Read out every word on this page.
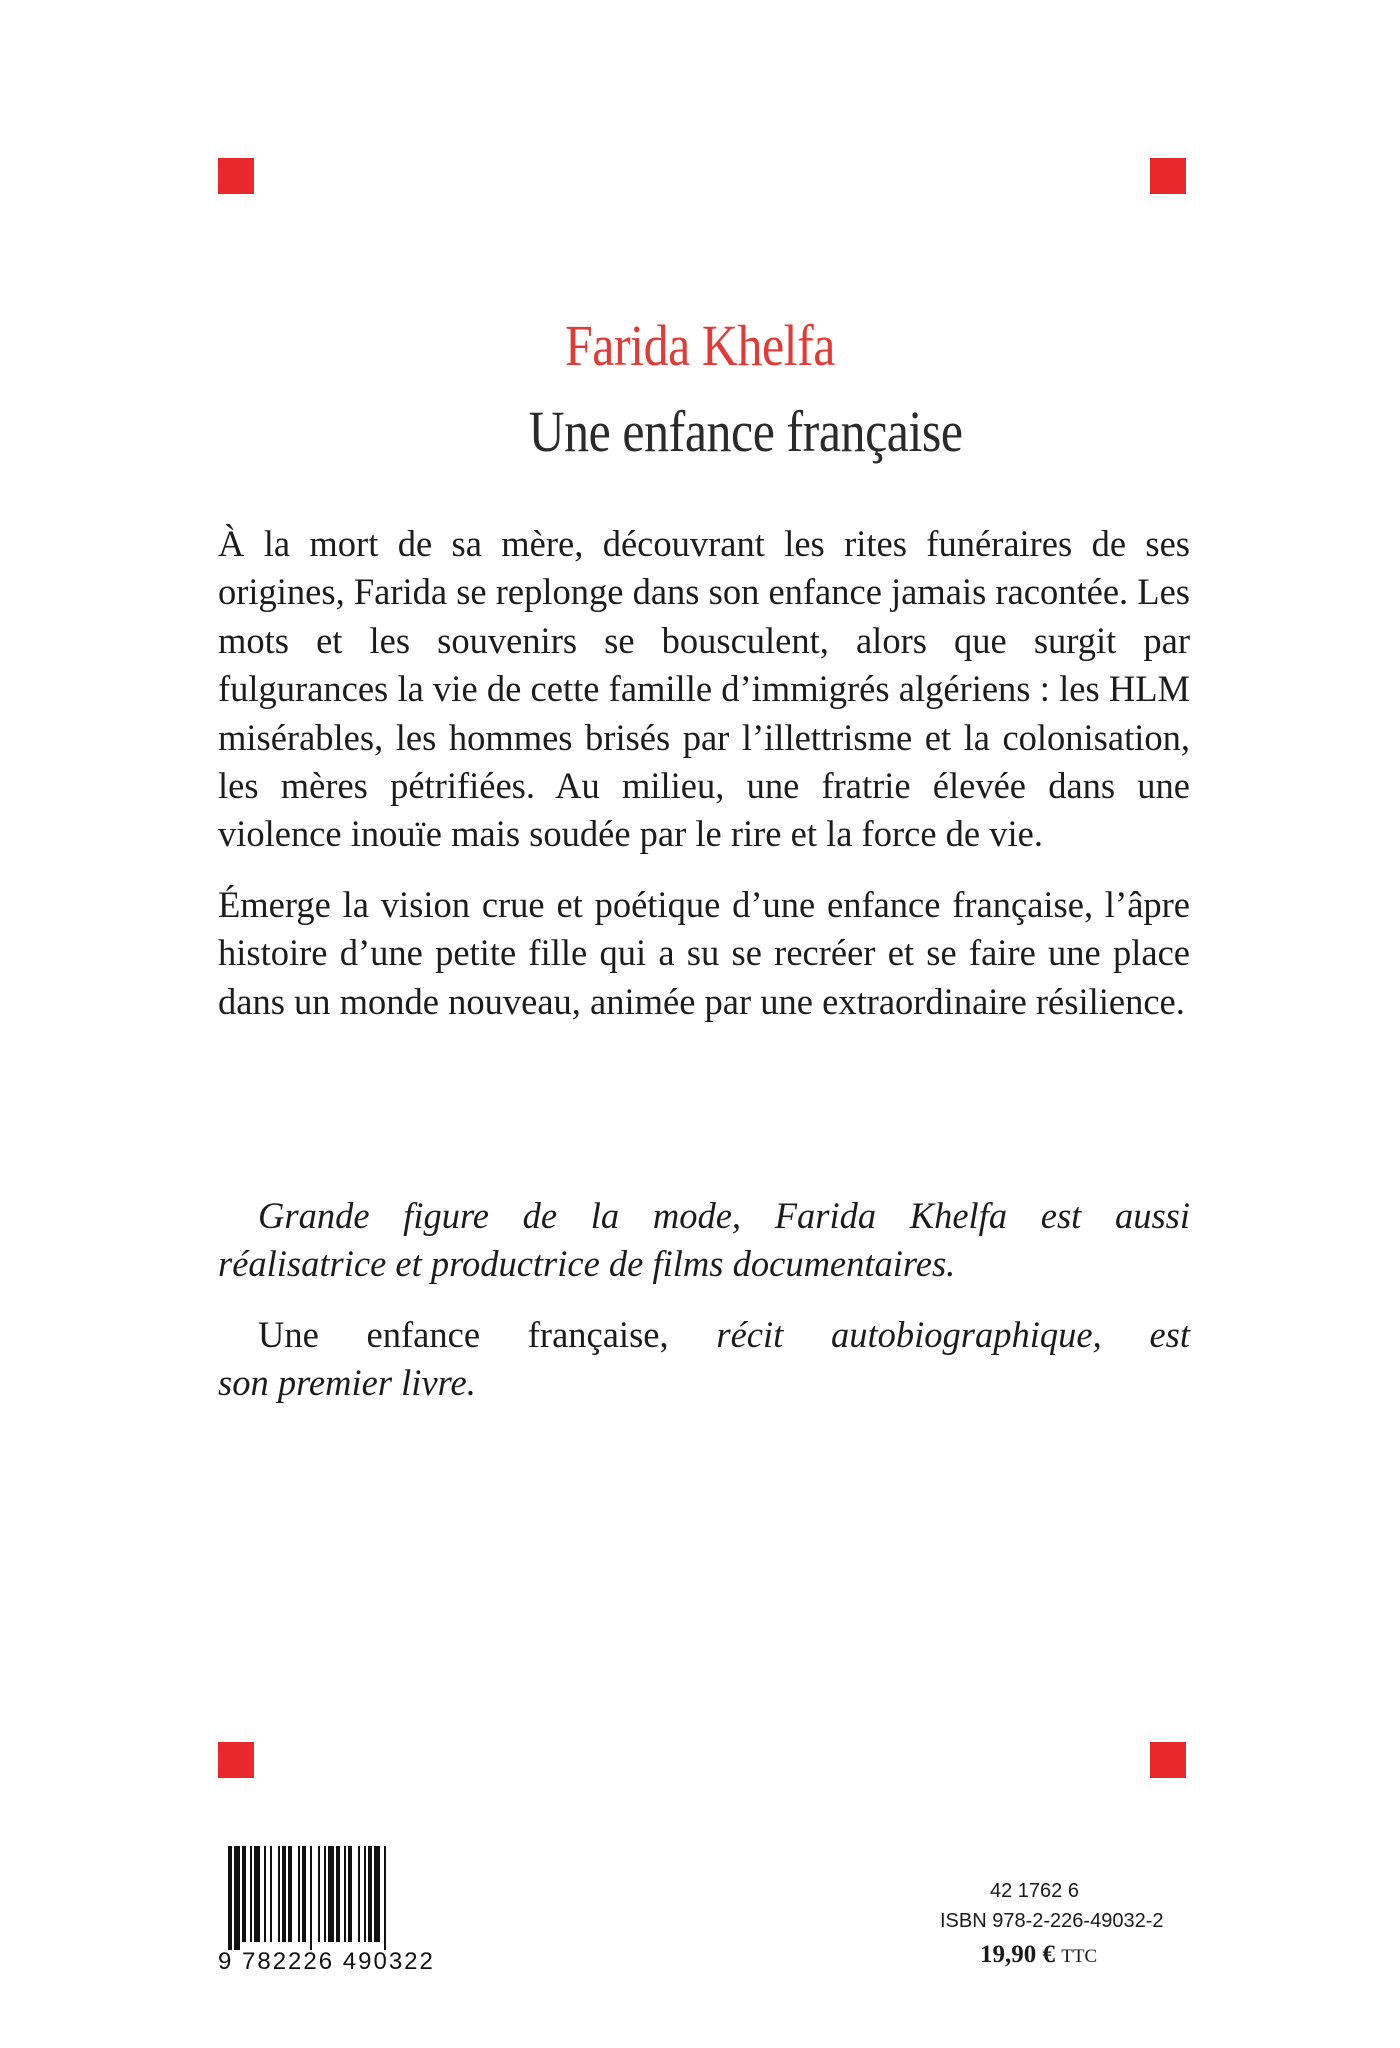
Farida Khelfa
Une enfance française

À la mort de sa mère, découvrant les rites funéraires de ses origines, Farida se replonge dans son enfance jamais racontée. Les mots et les souvenirs se bousculent, alors que surgit par fulgurances la vie de cette famille d’immigrés algériens : les HLM misérables, les hommes brisés par l’illettrisme et la colonisation, les mères pétrifiées. Au milieu, une fratrie élevée dans une violence inouïe mais soudée par le rire et la force de vie.

Émerge la vision crue et poétique d’une enfance française, l’âpre histoire d’une petite fille qui a su se recréer et se faire une place dans un monde nouveau, animée par une extraordinaire résilience.

Grande figure de la mode, Farida Khelfa est aussi
réalisatrice et productrice de films documentaires.
Une enfance française, récit autobiographique, est
son premier livre.
9 782226 490322
42 1762 6
ISBN 978-2-226-49032-2
19,90 € TTC
